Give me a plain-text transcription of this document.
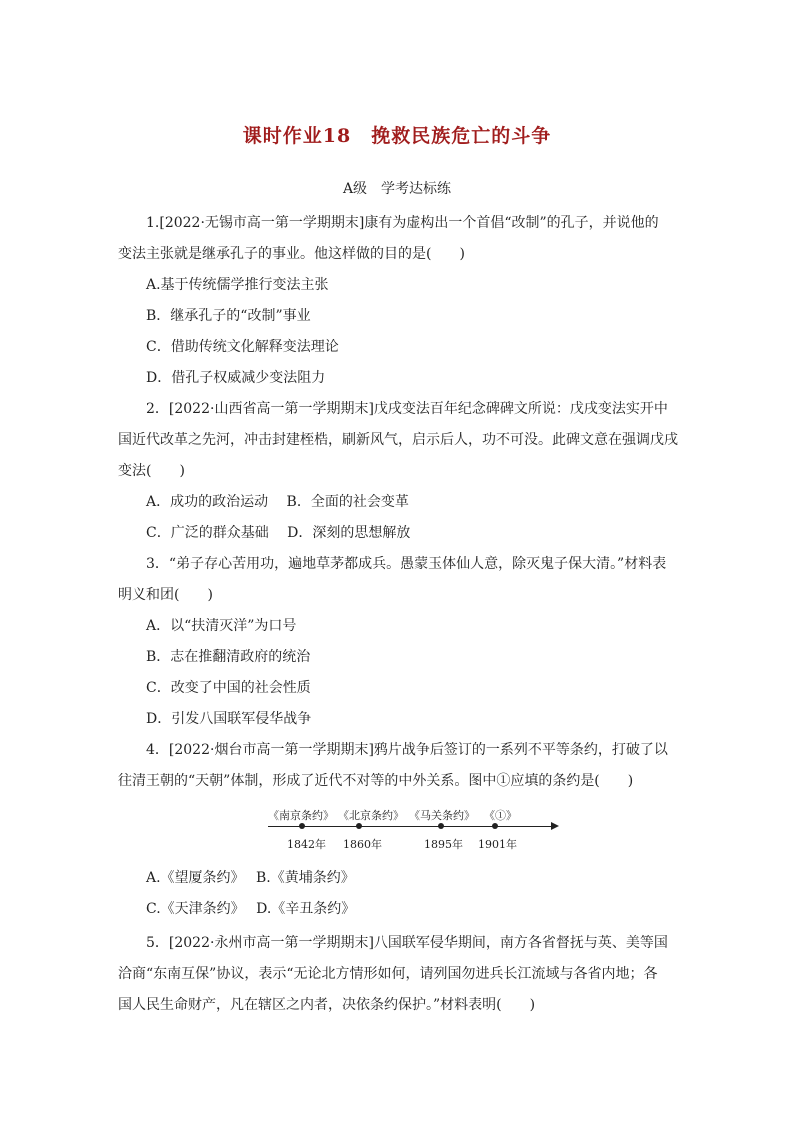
课时作业18　挽救民族危亡的斗争
A级　学考达标练
1.[2022·无锡市高一第一学期期末]康有为虚构出一个首倡“改制”的孔子，并说他的
变法主张就是继承孔子的事业。他这样做的目的是(　　)
A.基于传统儒学推行变法主张
B．继承孔子的“改制”事业
C．借助传统文化解释变法理论
D．借孔子权威减少变法阻力
2．[2022·山西省高一第一学期期末]戊戌变法百年纪念碑碑文所说：戊戌变法实开中
国近代改革之先河，冲击封建桎梏，刷新风气，启示后人，功不可没。此碑文意在强调戊戌
变法(　　)
A．成功的政治运动　 B．全面的社会变革
C．广泛的群众基础　 D．深刻的思想解放
3．“弟子存心苦用功，遍地草茅都成兵。愚蒙玉体仙人意，除灭鬼子保大清。”材料表
明义和团(　　)
A．以“扶清灭洋”为口号
B．志在推翻清政府的统治
C．改变了中国的社会性质
D．引发八国联军侵华战争
4．[2022·烟台市高一第一学期期末]鸦片战争后签订的一系列不平等条约，打破了以
往清王朝的“天朝”体制，形成了近代不对等的中外关系。图中①应填的条约是(　　)
《南京条约》 《北京条约》 《马关条约》 《①》
1842年 1860年	1895年 1901年
A.《望厦条约》　 B.《黄埔条约》
C.《天津条约》　 D.《辛丑条约》
5．[2022·永州市高一第一学期期末]八国联军侵华期间，南方各省督抚与英、美等国
洽商“东南互保”协议，表示“无论北方情形如何，请列国勿进兵长江流域与各省内地；各
国人民生命财产，凡在辖区之内者，决依条约保护。”材料表明(　　)
